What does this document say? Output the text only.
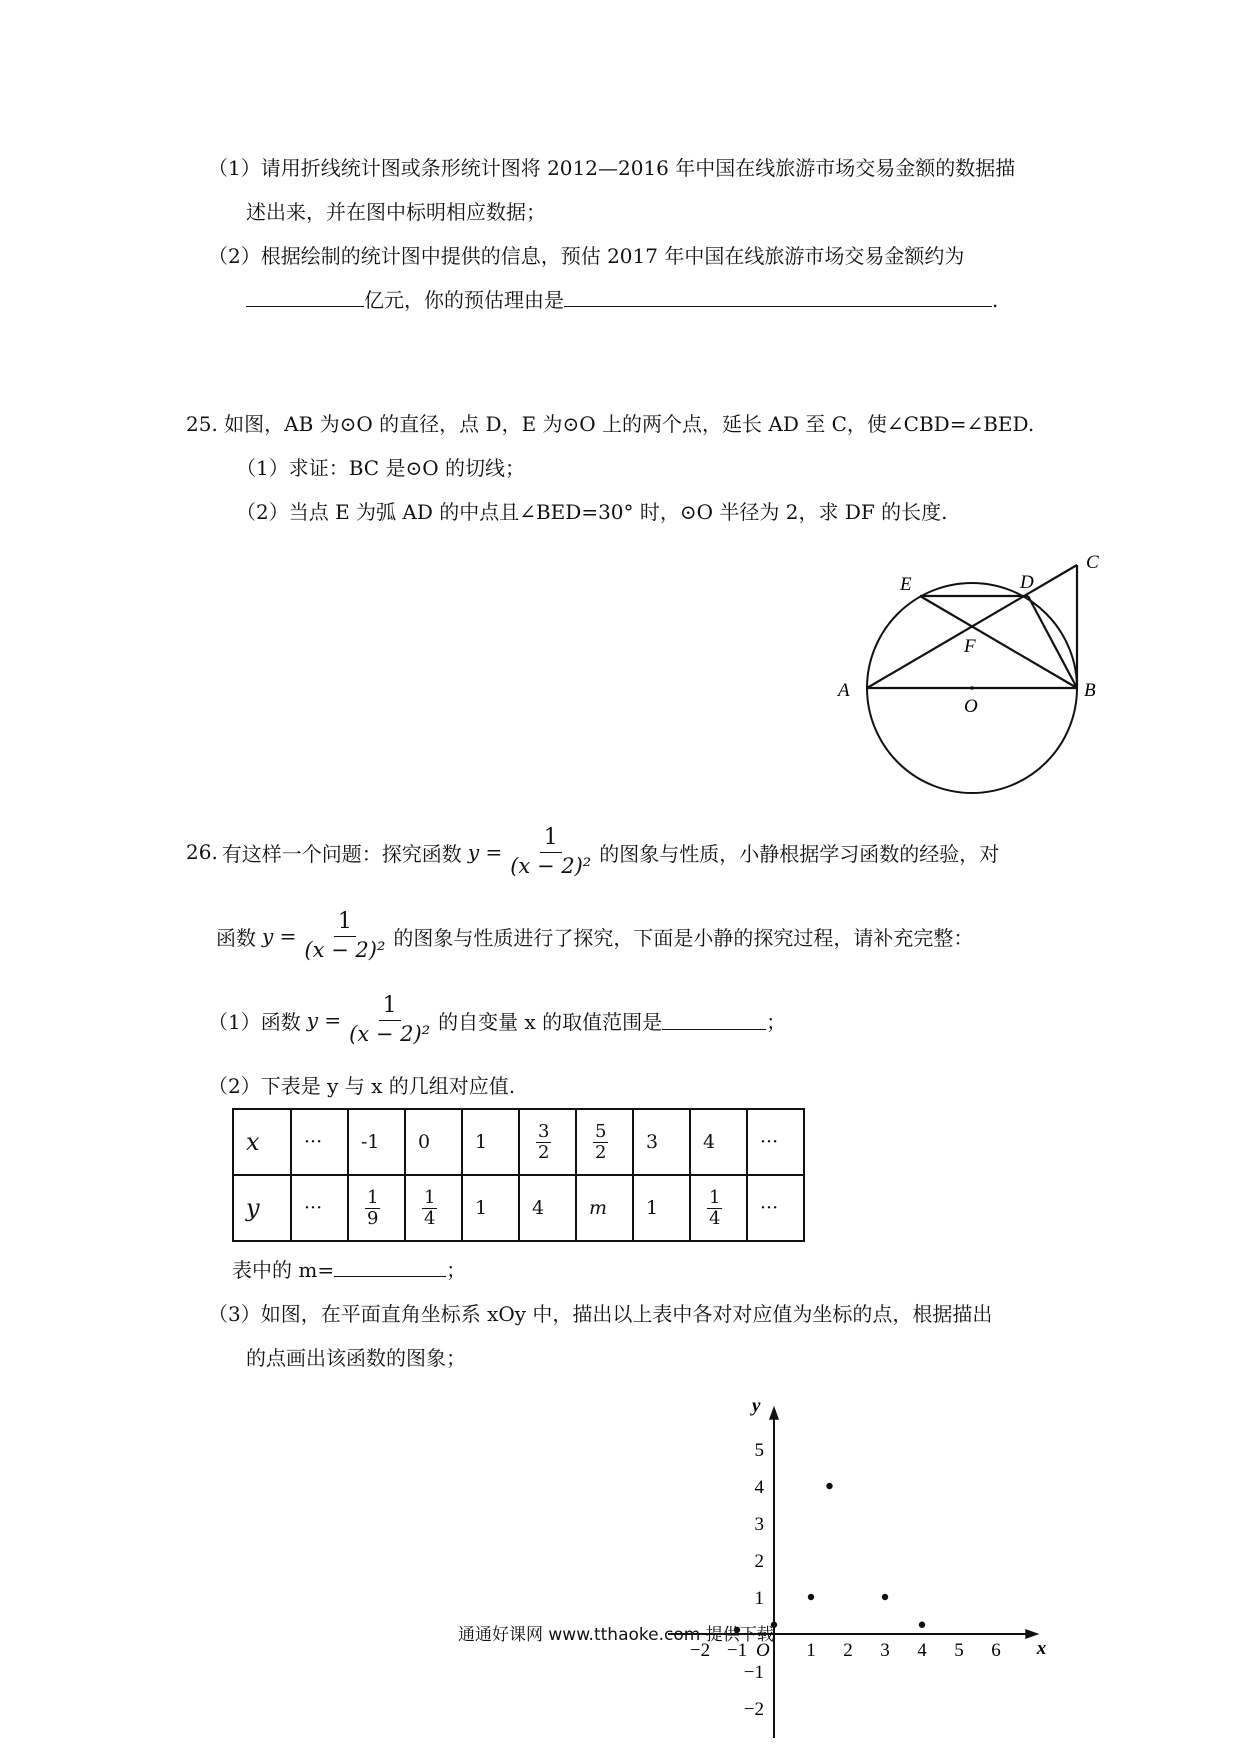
（1）请用折线统计图或条形统计图将 2012—2016 年中国在线旅游市场交易金额的数据描
述出来，并在图中标明相应数据；
（2）根据绘制的统计图中提供的信息，预估 2017 年中国在线旅游市场交易金额约为
亿元，你的预估理由是	.
25. 如图，AB 为⊙O 的直径，点 D，E 为⊙O 上的两个点，延长 AD 至 C，使∠CBD=∠BED.
（1）求证：BC 是⊙O 的切线；
（2）当点 E 为弧 AD 的中点且∠BED=30° 时，⊙O 半径为 2，求 DF 的长度.
A	B
C
D
E
F
O
26. 有这样一个问题：探究函数 $y = \frac{1}{\text{(x − 2)²}}$ 的图象与性质，小静根据学习函数的经验，对
函数 $y = \frac{1}{\text{(x − 2)²}}$ 的图象与性质进行了探究，下面是小静的探究过程，请补充完整：
（1）函数 $y = \frac{1}{\text{(x − 2)²}}$ 的自变量 x 的取值范围是	；
（2）下表是 y 与 x 的几组对应值.
x	···	-1	0	1	$\frac{3}{2}$	$\frac{5}{2}$	3	4	···
y	···	$\frac{1}{9}$	$\frac{1}{4}$	1	4	m	1	$\frac{1}{4}$	···
表中的 m=	；
（3）如图，在平面直角坐标系 xOy 中，描出以上表中各对对应值为坐标的点，根据描出
的点画出该函数的图象；
x
y
O
−2 −1	1 2 3 4 5 6
5
4
3
2
1
−1
−2
通通好课网 www.tthaoke.com 提供下载
